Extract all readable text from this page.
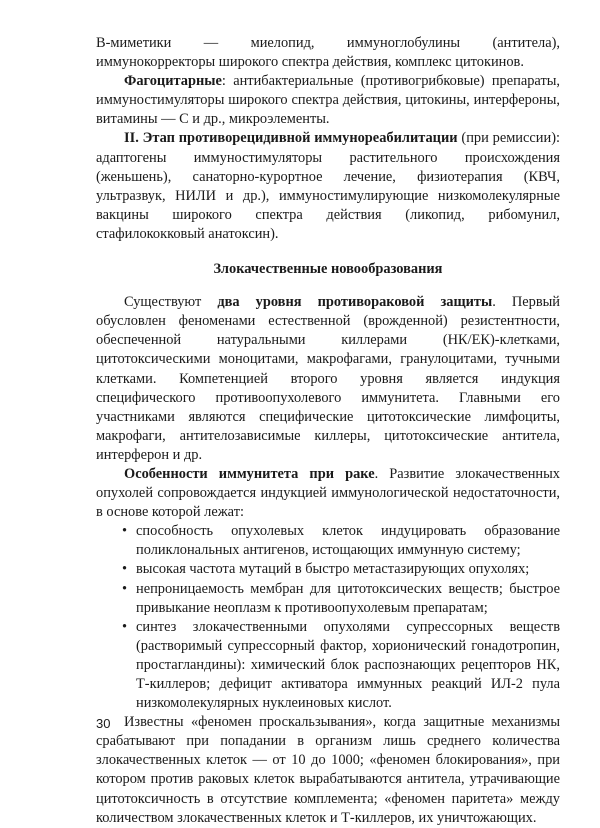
В-миметики — миелопид, иммуноглобулины (антитела), иммунокорректоры широкого спектра действия, комплекс цитокинов.

Фагоцитарные: антибактериальные (противогрибковые) препараты, иммуностимуляторы широкого спектра действия, цитокины, интерфероны, витамины — С и др., микроэлементы.

II. Этап противорецидивной иммунореабилитации (при ремиссии): адаптогены иммуностимуляторы растительного происхождения (женьшень), санаторно-курортное лечение, физиотерапия (КВЧ, ультразвук, НИЛИ и др.), иммуностимулирующие низкомолекулярные вакцины широкого спектра действия (ликопид, рибомунил, стафилококковый анатоксин).

Злокачественные новообразования

Существуют два уровня противораковой защиты. Первый обусловлен феноменами естественной (врожденной) резистентности, обеспеченной натуральными киллерами (НК/ЕК)-клетками, цитотоксическими моноцитами, макрофагами, гранулоцитами, тучными клетками. Компетенцией второго уровня является индукция специфического противоопухолевого иммунитета. Главными его участниками являются специфические цитотоксические лимфоциты, макрофаги, антителозависимые киллеры, цитотоксические антитела, интерферон и др.

Особенности иммунитета при раке. Развитие злокачественных опухолей сопровождается индукцией иммунологической недостаточности, в основе которой лежат:

• способность опухолевых клеток индуцировать образование поликлональных антигенов, истощающих иммунную систему;
• высокая частота мутаций в быстро метастазирующих опухолях;
• непроницаемость мембран для цитотоксических веществ; быстрое привыкание неоплазм к противоопухолевым препаратам;
• синтез злокачественными опухолями супрессорных веществ (растворимый супрессорный фактор, хорионический гонадотропин, простагландины): химический блок распознающих рецепторов НК, Т-киллеров; дефицит активатора иммунных реакций ИЛ-2 пула низкомолекулярных нуклеиновых кислот.

Известны «феномен проскальзывания», когда защитные механизмы срабатывают при попадании в организм лишь среднего количества злокачественных клеток — от 10 до 1000; «феномен блокирования», при котором против раковых клеток вырабатываются антитела, утрачивающие цитотоксичность в отсутствие комплемента; «феномен паритета» между количеством злокачественных клеток и Т-киллеров, их уничтожающих.

30
